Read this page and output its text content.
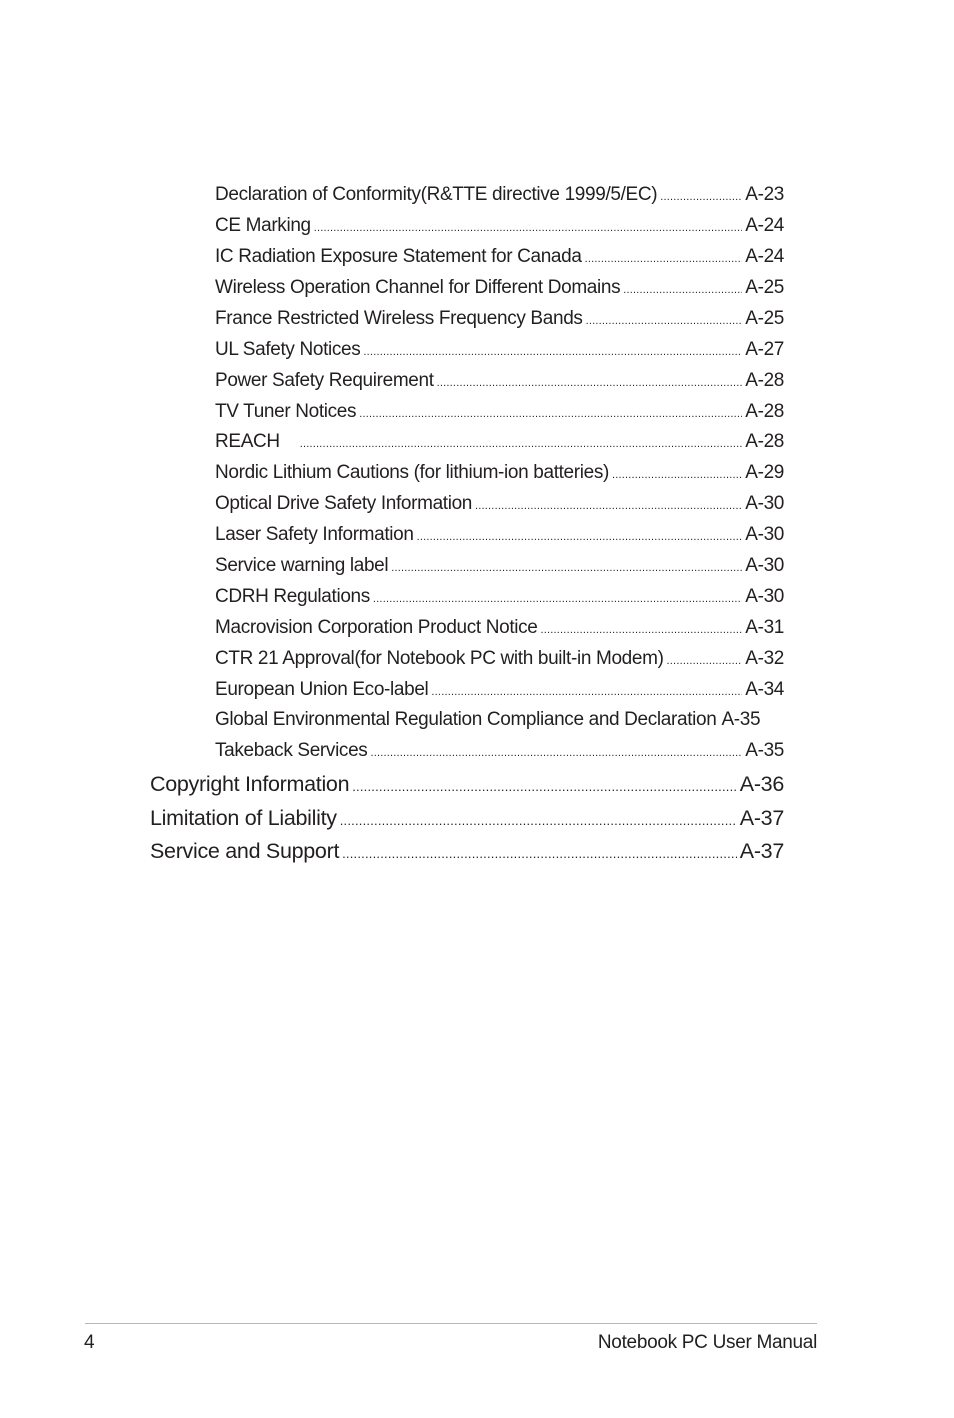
Declaration of Conformity(R&TTE directive 1999/5/EC) .....	A-23
CE Marking .....	A-24
IC Radiation Exposure Statement for Canada .....	A-24
Wireless Operation Channel for Different Domains .....	A-25
France Restricted Wireless Frequency Bands .....	A-25
UL Safety Notices .....	A-27
Power Safety Requirement .....	A-28
TV Tuner Notices .....	A-28
REACH .....	A-28
Nordic Lithium Cautions (for lithium-ion batteries) .....	A-29
Optical Drive Safety Information .....	A-30
Laser Safety Information .....	A-30
Service warning label .....	A-30
CDRH Regulations .....	A-30
Macrovision Corporation Product Notice .....	A-31
CTR 21 Approval(for Notebook PC with built-in Modem) .....	A-32
European Union Eco-label .....	A-34
Global Environmental Regulation Compliance and Declaration A-35
Takeback Services .....	A-35
Copyright Information .....	A-36
Limitation of Liability .....	A-37
Service and Support .....	A-37
4	Notebook PC User Manual
